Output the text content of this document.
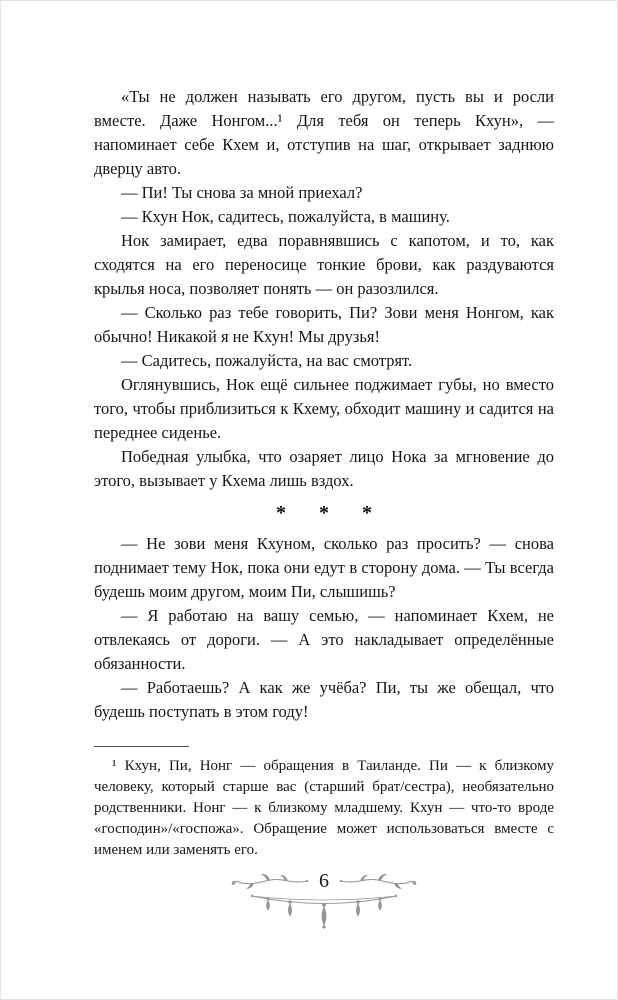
«Ты не должен называть его другом, пусть вы и росли вместе. Даже Нонгом...¹ Для тебя он теперь Кхун», — напоминает себе Кхем и, отступив на шаг, открывает заднюю дверцу авто.

— Пи! Ты снова за мной приехал?

— Кхун Нок, садитесь, пожалуйста, в машину.

Нок замирает, едва поравнявшись с капотом, и то, как сходятся на его переносице тонкие брови, как раздуваются крылья носа, позволяет понять — он разозлился.

— Сколько раз тебе говорить, Пи? Зови меня Нонгом, как обычно! Никакой я не Кхун! Мы друзья!

— Садитесь, пожалуйста, на вас смотрят.

Оглянувшись, Нок ещё сильнее поджимает губы, но вместо того, чтобы приблизиться к Кхему, обходит машину и садится на переднее сиденье.

Победная улыбка, что озаряет лицо Нока за мгновение до этого, вызывает у Кхема лишь вздох.

* * *

— Не зови меня Кхуном, сколько раз просить? — снова поднимает тему Нок, пока они едут в сторону дома. — Ты всегда будешь моим другом, моим Пи, слышишь?

— Я работаю на вашу семью, — напоминает Кхем, не отвлекаясь от дороги. — А это накладывает определённые обязанности.

— Работаешь? А как же учёба? Пи, ты же обещал, что будешь поступать в этом году!

¹ Кхун, Пи, Нонг — обращения в Таиланде. Пи — к близкому человеку, который старше вас (старший брат/сестра), необязательно родственники. Нонг — к близкому младшему. Кхун — что-то вроде «господин»/«госпожа». Обращение может использоваться вместе с именем или заменять его.

6
